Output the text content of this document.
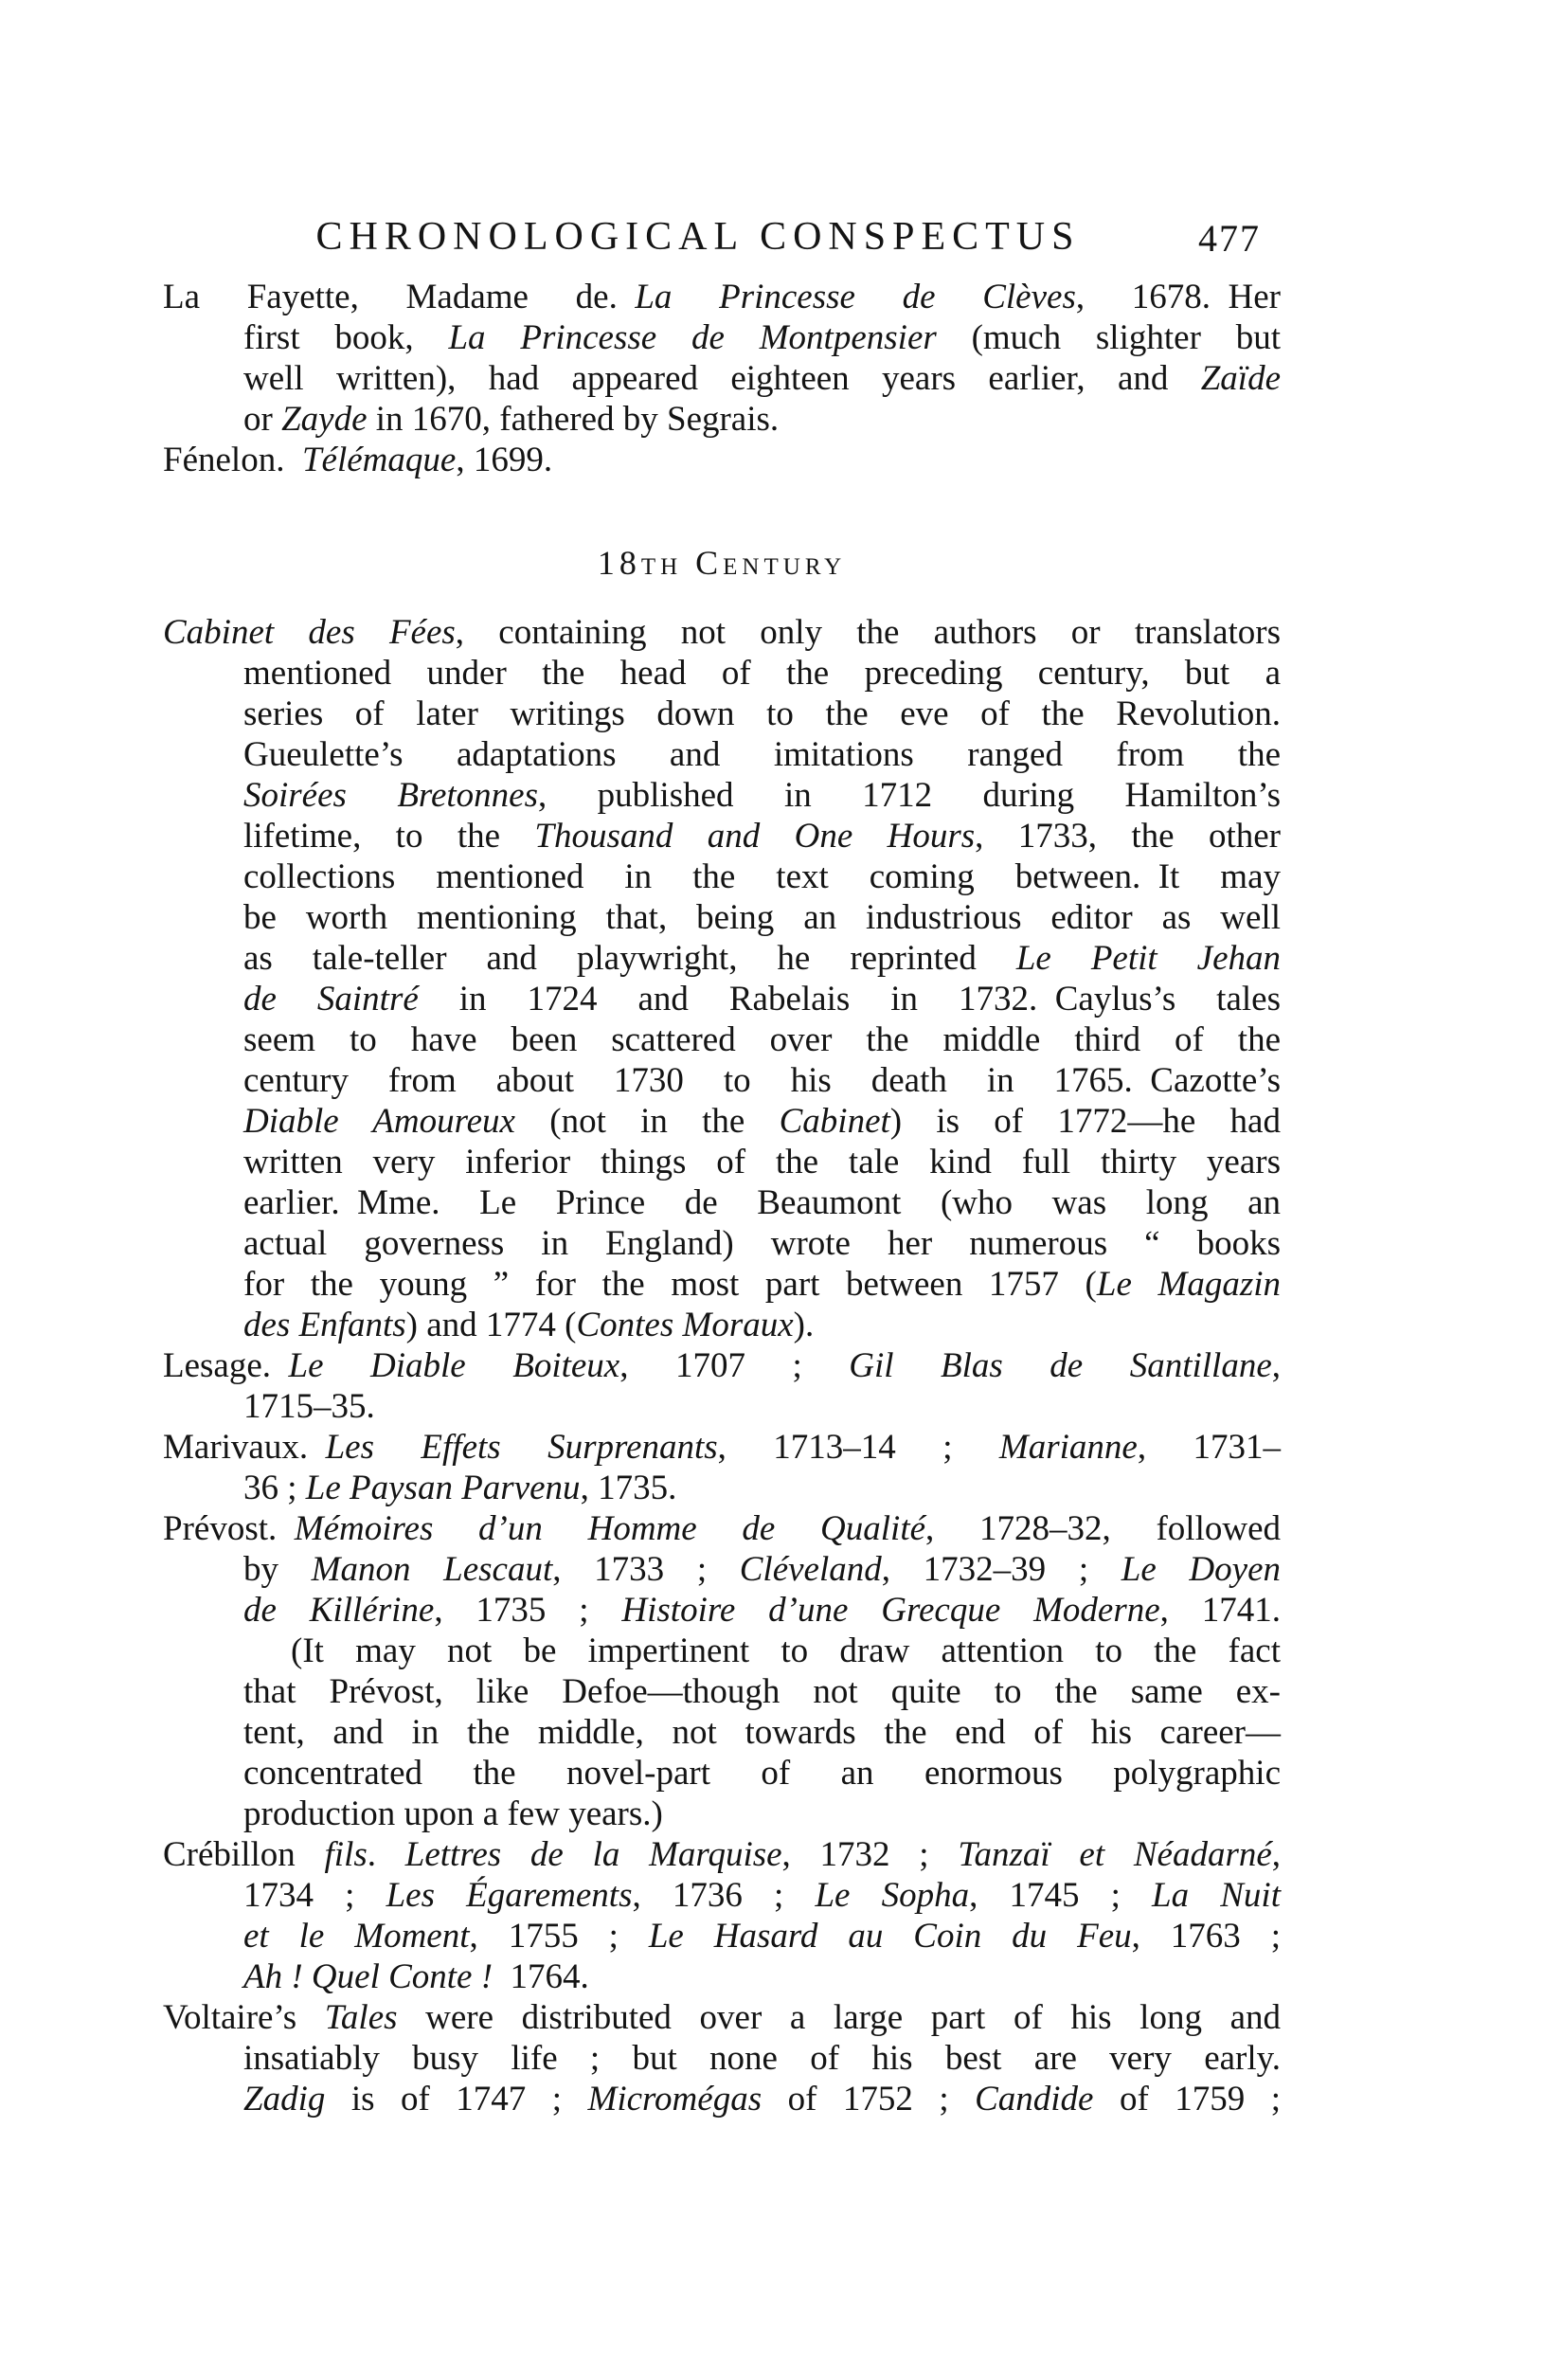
CHRONOLOGICAL CONSPECTUS	477
La Fayette, Madame de. La Princesse de Clèves, 1678. Her
first book, La Princesse de Montpensier (much slighter but
well written), had appeared eighteen years earlier, and Zaïde
or Zayde in 1670, fathered by Segrais.
Fénelon. Télémaque, 1699.
18th Century
Cabinet des Fées, containing not only the authors or translators
mentioned under the head of the preceding century, but a
series of later writings down to the eve of the Revolution.
Gueulette’s adaptations and imitations ranged from the
Soirées Bretonnes, published in 1712 during Hamilton’s
lifetime, to the Thousand and One Hours, 1733, the other
collections mentioned in the text coming between. It may
be worth mentioning that, being an industrious editor as well
as tale-teller and playwright, he reprinted Le Petit Jehan
de Saintré in 1724 and Rabelais in 1732. Caylus’s tales
seem to have been scattered over the middle third of the
century from about 1730 to his death in 1765. Cazotte’s
Diable Amoureux (not in the Cabinet) is of 1772—he had
written very inferior things of the tale kind full thirty years
earlier. Mme. Le Prince de Beaumont (who was long an
actual governess in England) wrote her numerous “ books
for the young ” for the most part between 1757 (Le Magazin
des Enfants) and 1774 (Contes Moraux).
Lesage. Le Diable Boiteux, 1707 ; Gil Blas de Santillane,
1715–35.
Marivaux. Les Effets Surprenants, 1713–14 ; Marianne, 1731–
36 ; Le Paysan Parvenu, 1735.
Prévost. Mémoires d’un Homme de Qualité, 1728–32, followed
by Manon Lescaut, 1733 ; Cléveland, 1732–39 ; Le Doyen
de Killérine, 1735 ; Histoire d’une Grecque Moderne, 1741.
(It may not be impertinent to draw attention to the fact
that Prévost, like Defoe—though not quite to the same ex-
tent, and in the middle, not towards the end of his career—
concentrated the novel-part of an enormous polygraphic
production upon a few years.)
Crébillon fils. Lettres de la Marquise, 1732 ; Tanzaï et Néadarné,
1734 ; Les Égarements, 1736 ; Le Sopha, 1745 ; La Nuit
et le Moment, 1755 ; Le Hasard au Coin du Feu, 1763 ;
Ah ! Quel Conte ! 1764.
Voltaire’s Tales were distributed over a large part of his long and
insatiably busy life ; but none of his best are very early.
Zadig is of 1747 ; Micromégas of 1752 ; Candide of 1759 ;
